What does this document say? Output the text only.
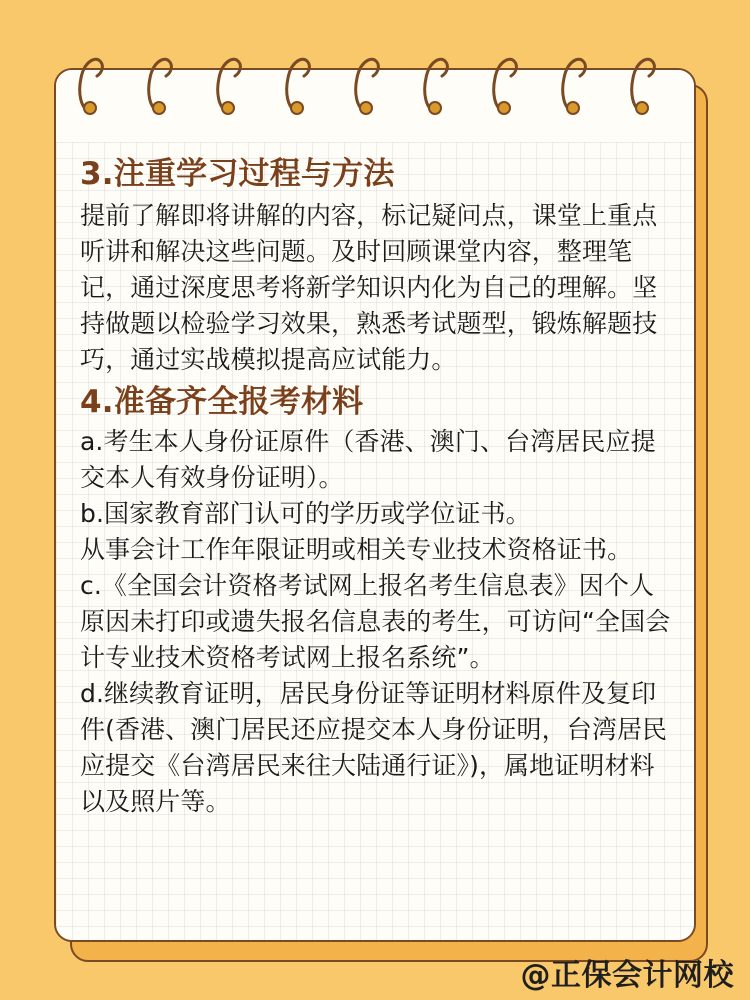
3.注重学习过程与方法

提前了解即将讲解的内容，标记疑问点，课堂上重点听讲和解决这些问题。及时回顾课堂内容，整理笔记，通过深度思考将新学知识内化为自己的理解。坚持做题以检验学习效果，熟悉考试题型，锻炼解题技巧，通过实战模拟提高应试能力。

4.准备齐全报考材料

a.考生本人身份证原件（香港、澳门、台湾居民应提交本人有效身份证明）。

b.国家教育部门认可的学历或学位证书。

从事会计工作年限证明或相关专业技术资格证书。

c.《全国会计资格考试网上报名考生信息表》因个人原因未打印或遗失报名信息表的考生，可访问“全国会计专业技术资格考试网上报名系统”。

d.继续教育证明，居民身份证等证明材料原件及复印件(香港、澳门居民还应提交本人身份证明，台湾居民应提交《台湾居民来往大陆通行证》)，属地证明材料以及照片等。

@正保会计网校
